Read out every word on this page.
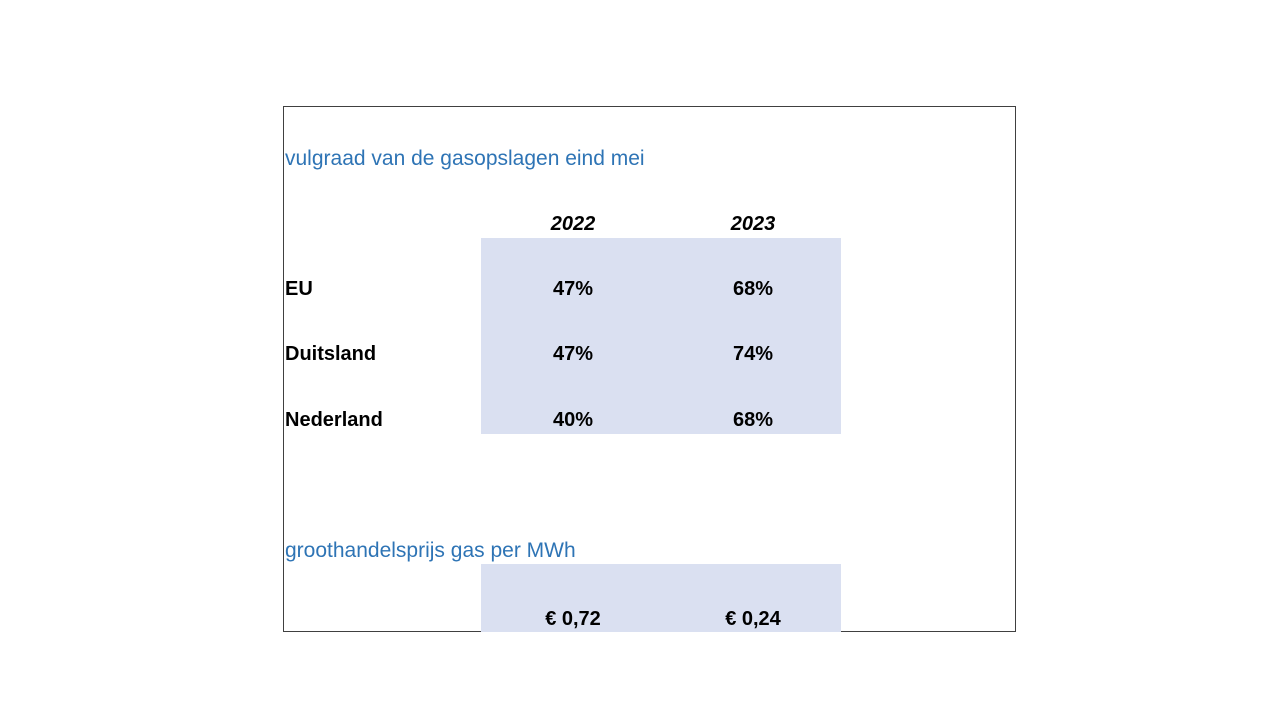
vulgraad van de gasopslagen eind mei
2022	2023
EU	47%	68%
Duitsland	47%	74%
Nederland	40%	68%
groothandelsprijs gas per MWh
€ 0,72	€ 0,24
